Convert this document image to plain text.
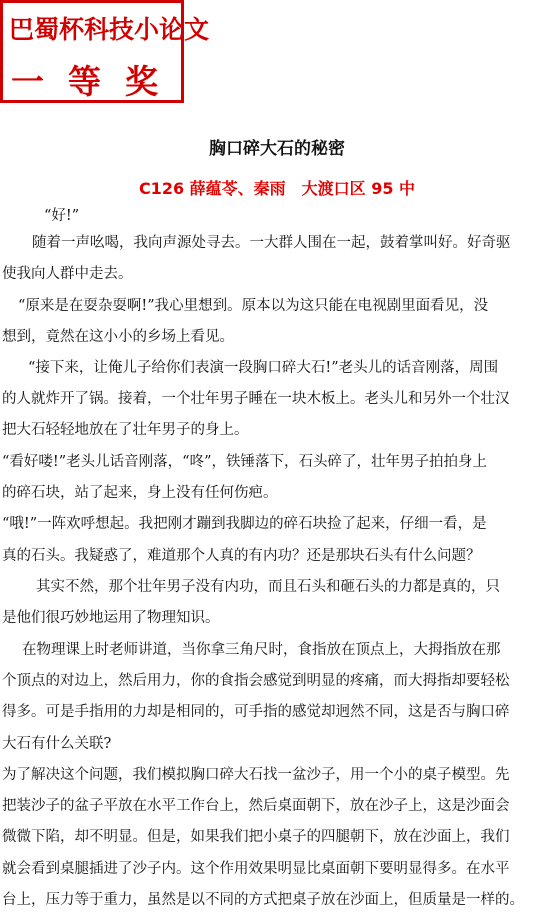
巴蜀杯科技小论文
一等奖
胸口碎大石的秘密
C126 薛蕴苓、秦雨　大渡口区 95 中
“好!”
随着一声吆喝，我向声源处寻去。一大群人围在一起，鼓着掌叫好。好奇驱
使我向人群中走去。
“原来是在耍杂耍啊!”我心里想到。原本以为这只能在电视剧里面看见，没
想到，竟然在这小小的乡场上看见。
“接下来，让俺儿子给你们表演一段胸口碎大石!”老头儿的话音刚落，周围
的人就炸开了锅。接着，一个壮年男子睡在一块木板上。老头儿和另外一个壮汉
把大石轻轻地放在了壮年男子的身上。
“看好喽!”老头儿话音刚落，“咚”，铁锤落下，石头碎了，壮年男子拍拍身上
的碎石块，站了起来，身上没有任何伤疤。
“哦!”一阵欢呼想起。我把刚才蹦到我脚边的碎石块捡了起来，仔细一看，是
真的石头。我疑惑了，难道那个人真的有内功？还是那块石头有什么问题？
其实不然，那个壮年男子没有内功，而且石头和砸石头的力都是真的，只
是他们很巧妙地运用了物理知识。
在物理课上时老师讲道，当你拿三角尺时，食指放在顶点上，大拇指放在那
个顶点的对边上，然后用力，你的食指会感觉到明显的疼痛，而大拇指却要轻松
得多。可是手指用的力却是相同的，可手指的感觉却迥然不同，这是否与胸口碎
大石有什么关联?
为了解决这个问题，我们模拟胸口碎大石找一盆沙子，用一个小的桌子模型。先
把装沙子的盆子平放在水平工作台上，然后桌面朝下，放在沙子上，这是沙面会
微微下陷，却不明显。但是，如果我们把小桌子的四腿朝下，放在沙面上，我们
就会看到桌腿插进了沙子内。这个作用效果明显比桌面朝下要明显得多。在水平
台上，压力等于重力，虽然是以不同的方式把桌子放在沙面上，但质量是一样的。
